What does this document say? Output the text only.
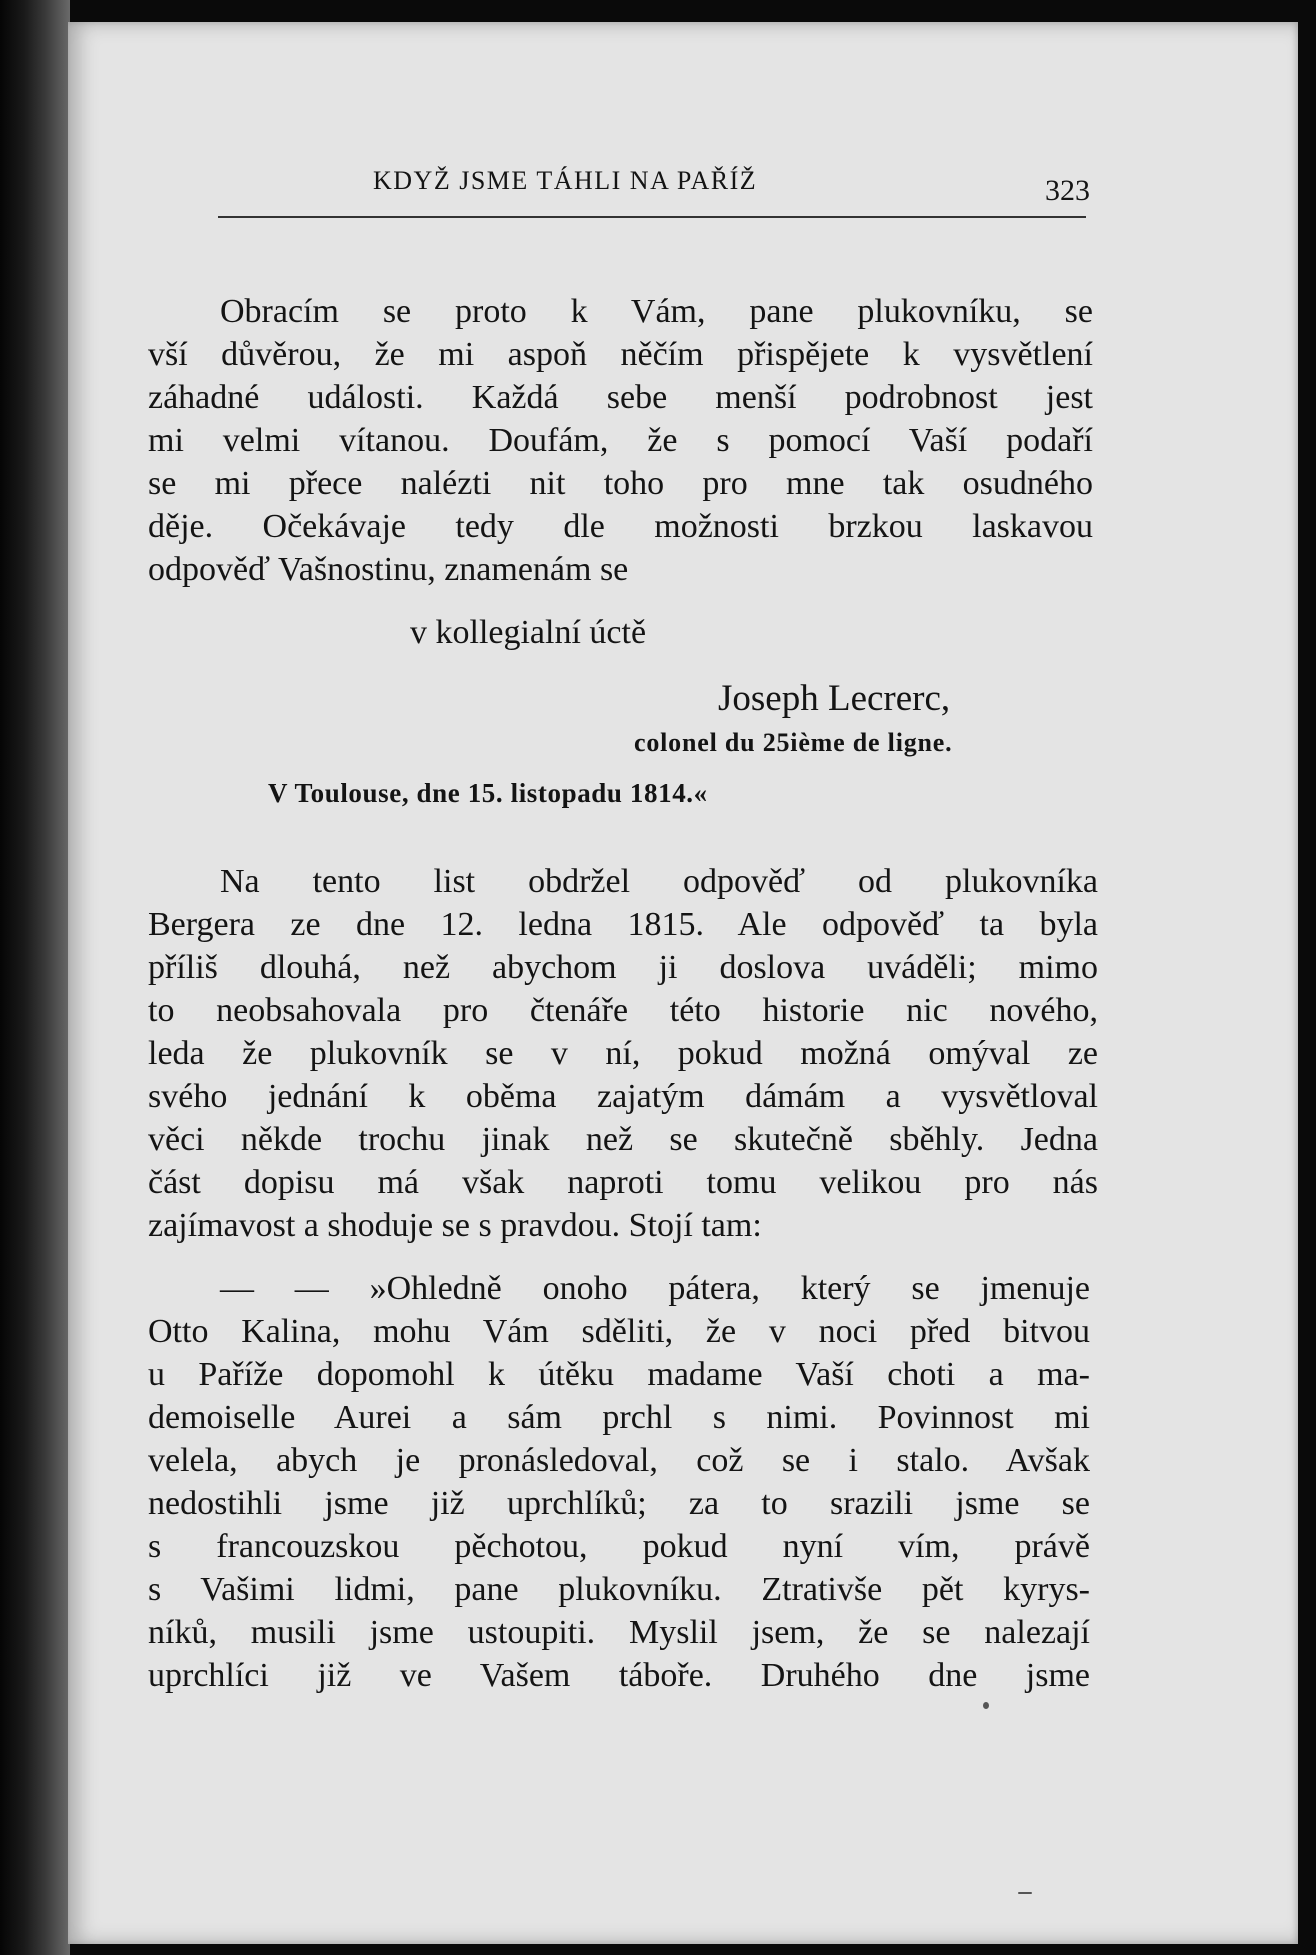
KDYŽ JSME TÁHLI NA PAŘÍŽ	323
Obracím se proto k Vám, pane plukovníku, se
vší důvěrou, že mi aspoň něčím přispějete k vysvětlení
záhadné události. Každá sebe menší podrobnost jest
mi velmi vítanou. Doufám, že s pomocí Vaší podaří
se mi přece nalézti nit toho pro mne tak osudného
děje. Očekávaje tedy dle možnosti brzkou laskavou
odpověď Vašnostinu, znamenám se
v kollegialní úctě
Joseph Lecrerc,
colonel du 25ième de ligne.
V Toulouse, dne 15. listopadu 1814.«
Na tento list obdržel odpověď od plukovníka
Bergera ze dne 12. ledna 1815. Ale odpověď ta byla
příliš dlouhá, než abychom ji doslova uváděli; mimo
to neobsahovala pro čtenáře této historie nic nového,
leda že plukovník se v ní, pokud možná omýval ze
svého jednání k oběma zajatým dámám a vysvětloval
věci někde trochu jinak než se skutečně sběhly. Jedna
část dopisu má však naproti tomu velikou pro nás
zajímavost a shoduje se s pravdou. Stojí tam:
— — »Ohledně onoho pátera, který se jmenuje
Otto Kalina, mohu Vám sděliti, že v noci před bitvou
u Paříže dopomohl k útěku madame Vaší choti a ma-
demoiselle Aurei a sám prchl s nimi. Povinnost mi
velela, abych je pronásledoval, což se i stalo. Avšak
nedostihli jsme již uprchlíků; za to srazili jsme se
s francouzskou pěchotou, pokud nyní vím, právě
s Vašimi lidmi, pane plukovníku. Ztrativše pět kyrys-
níků, musili jsme ustoupiti. Myslil jsem, že se nalezají
uprchlíci již ve Vašem táboře. Druhého dne jsme
